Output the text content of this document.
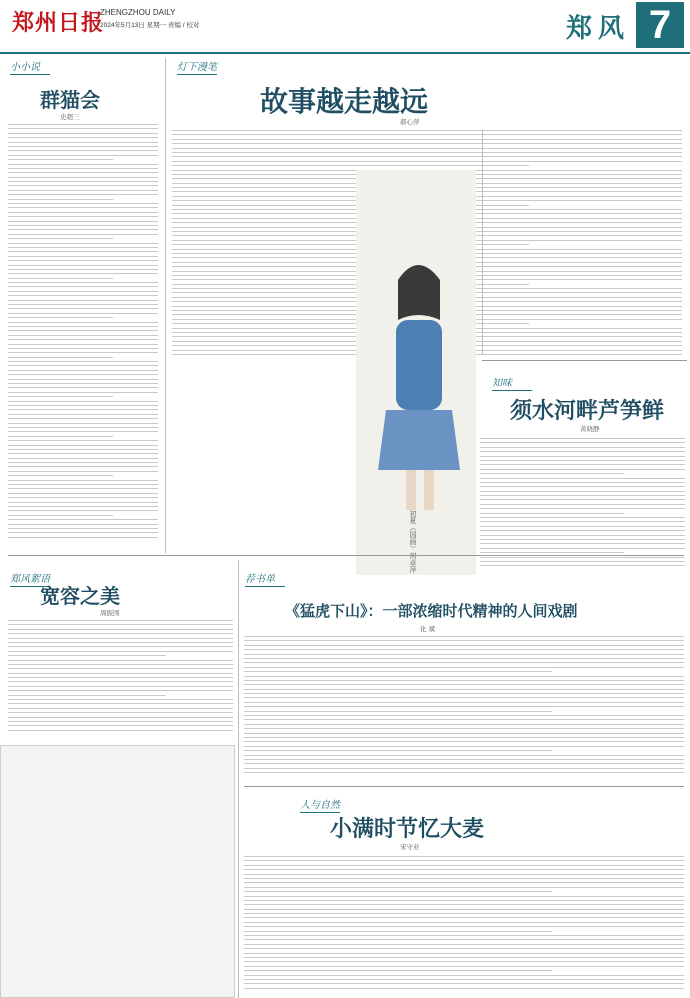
郑州日报
ZHENGZHOU DAILY
2024年5月13日 星期一 责编 / 校对	郑风 7
小小说
群猫会
史超三
灯下漫笔
故事越走越远
郝心萍
初夏（国画）何卓萍
知味
须水河畔芦笋鲜
黄晓静
郑风絮语
宽容之美
周振国
荐书单
《猛虎下山》：一部浓缩时代精神的人间戏剧
化 斌
人与自然
小满时节忆大麦
宋守业
